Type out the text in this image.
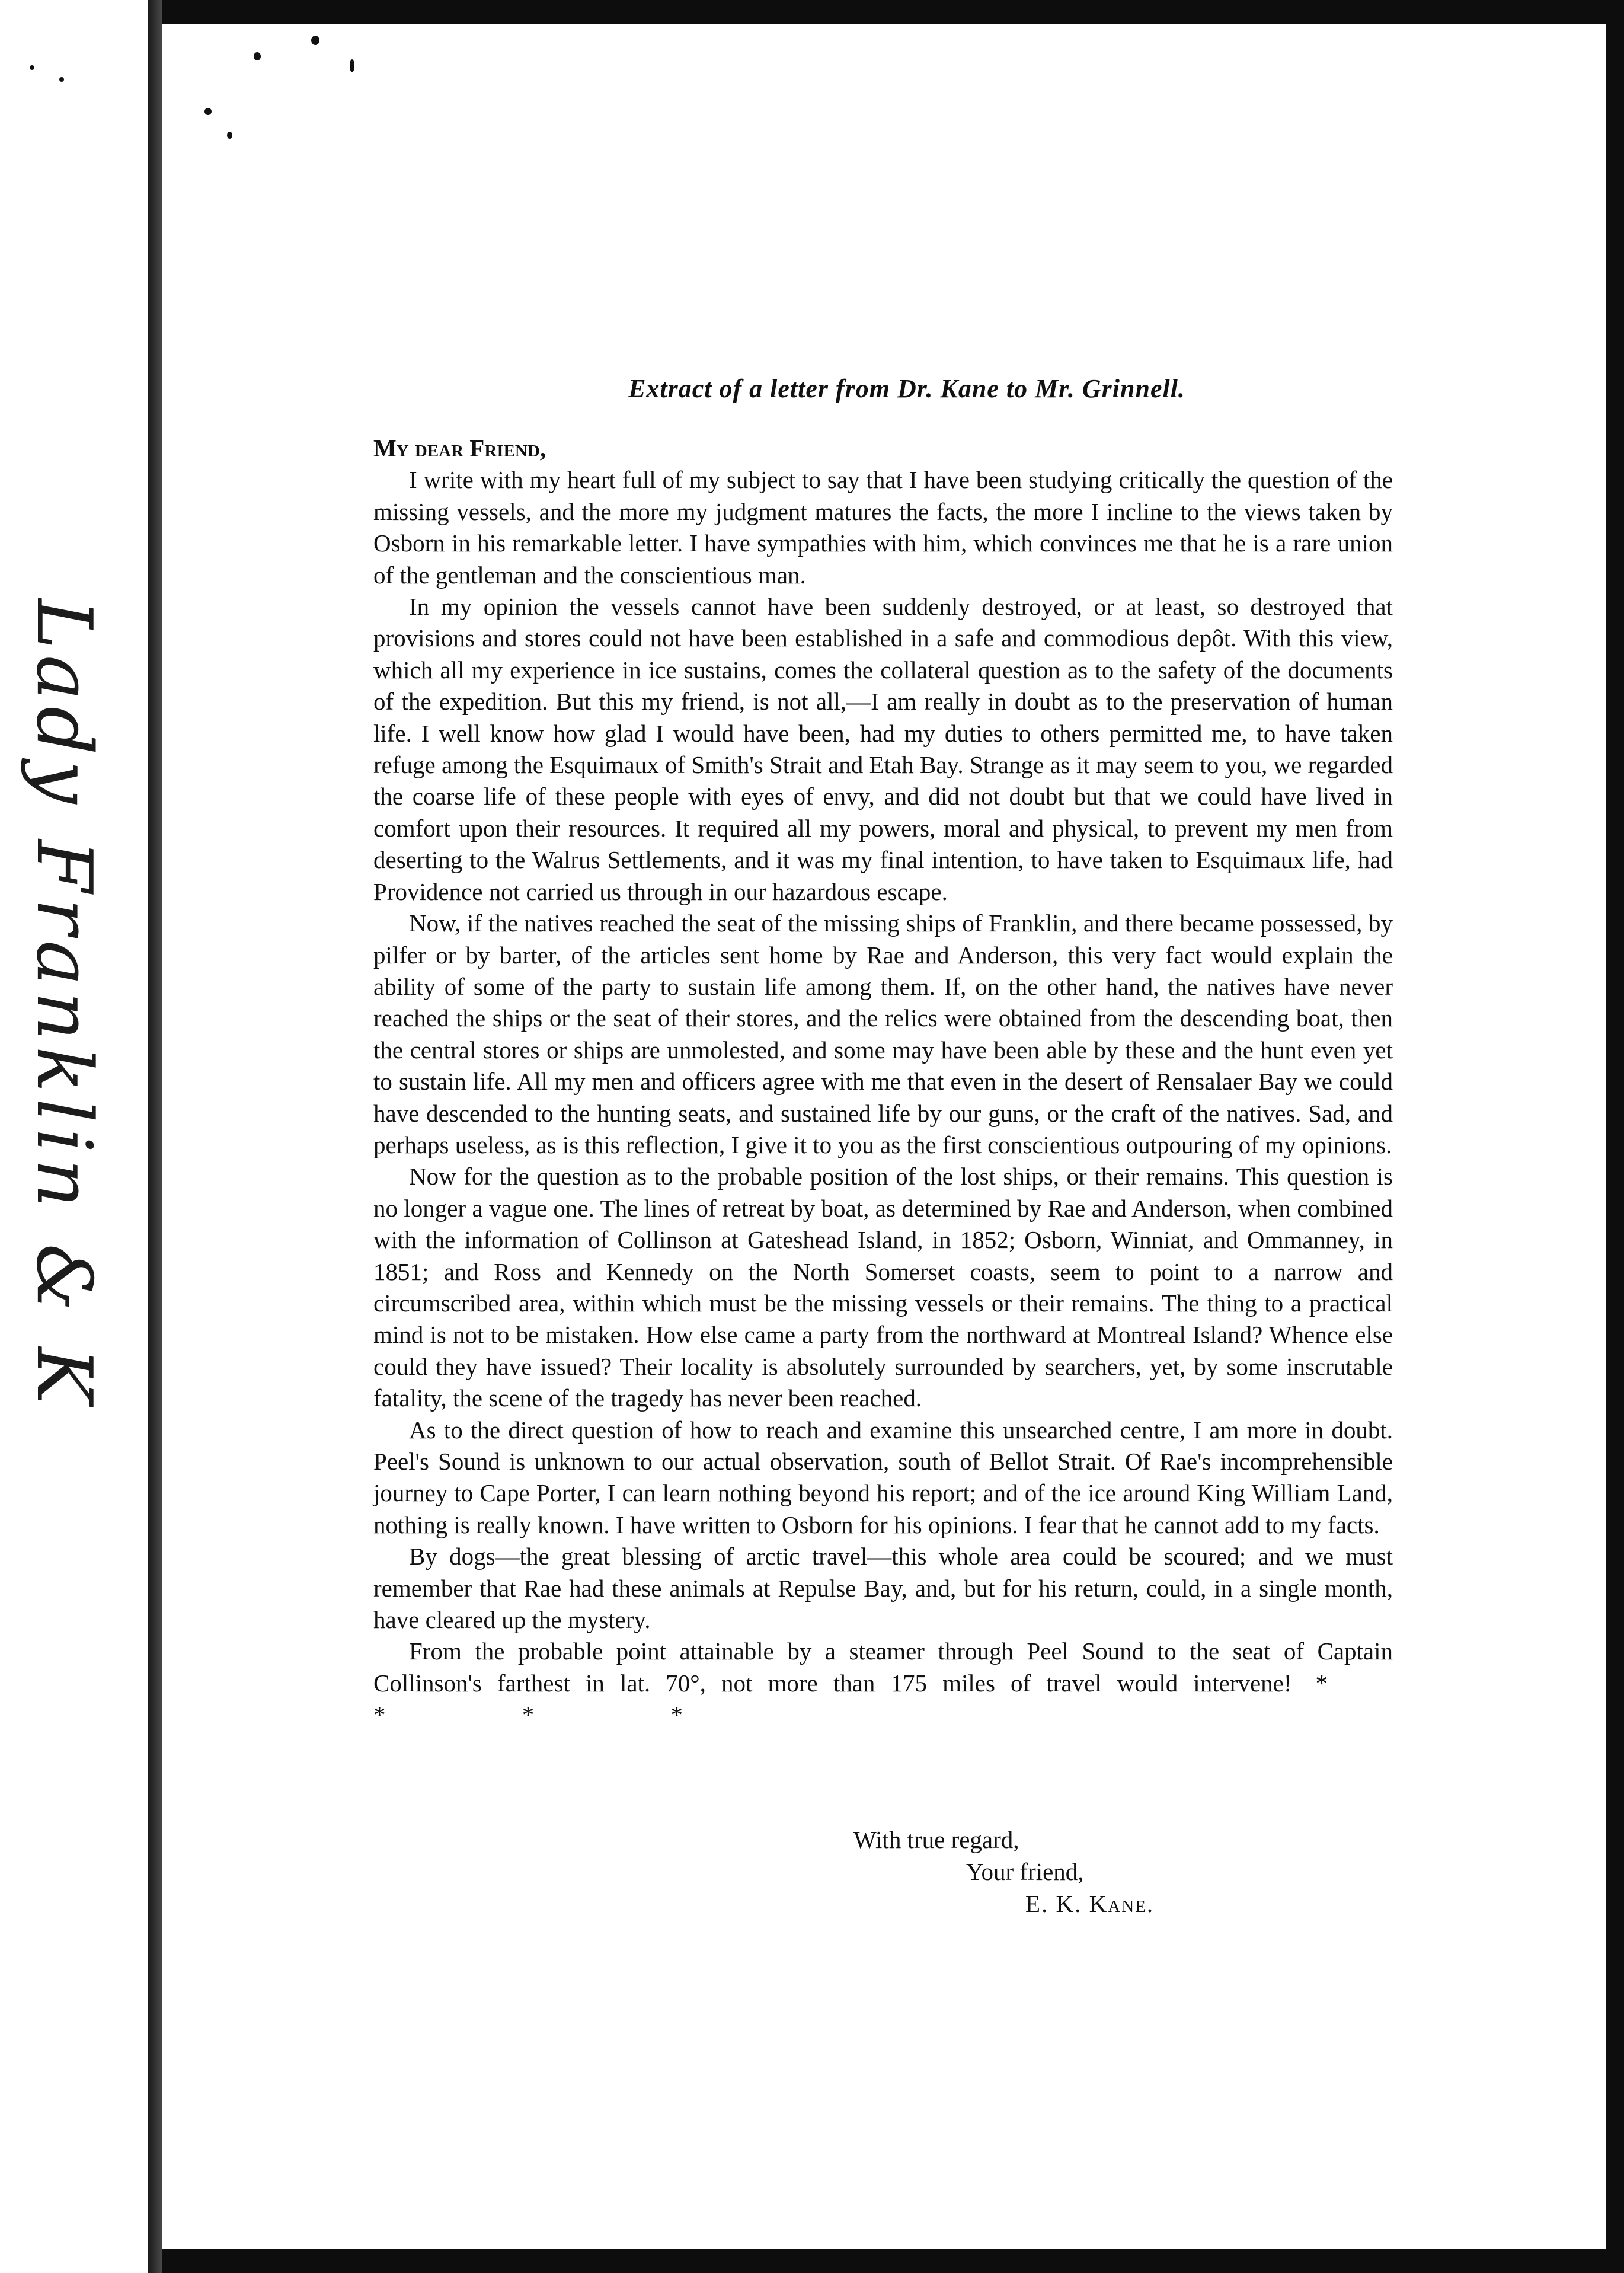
Lady Franklin & K
Extract of a letter from Dr. Kane to Mr. Grinnell.

My dear Friend,

I write with my heart full of my subject to say that I have been studying critically the question of the missing vessels, and the more my judgment matures the facts, the more I incline to the views taken by Osborn in his remarkable letter. I have sympathies with him, which convinces me that he is a rare union of the gentleman and the conscientious man.

In my opinion the vessels cannot have been suddenly destroyed, or at least, so destroyed that provisions and stores could not have been established in a safe and commodious depôt. With this view, which all my experience in ice sustains, comes the collateral question as to the safety of the documents of the expedition. But this my friend, is not all,—I am really in doubt as to the preservation of human life. I well know how glad I would have been, had my duties to others permitted me, to have taken refuge among the Esquimaux of Smith's Strait and Etah Bay. Strange as it may seem to you, we regarded the coarse life of these people with eyes of envy, and did not doubt but that we could have lived in comfort upon their resources. It required all my powers, moral and physical, to prevent my men from deserting to the Walrus Settlements, and it was my final intention, to have taken to Esquimaux life, had Providence not carried us through in our hazardous escape.

Now, if the natives reached the seat of the missing ships of Franklin, and there became possessed, by pilfer or by barter, of the articles sent home by Rae and Anderson, this very fact would explain the ability of some of the party to sustain life among them. If, on the other hand, the natives have never reached the ships or the seat of their stores, and the relics were obtained from the descending boat, then the central stores or ships are unmolested, and some may have been able by these and the hunt even yet to sustain life. All my men and officers agree with me that even in the desert of Rensalaer Bay we could have descended to the hunting seats, and sustained life by our guns, or the craft of the natives. Sad, and perhaps useless, as is this reflection, I give it to you as the first conscientious outpouring of my opinions.

Now for the question as to the probable position of the lost ships, or their remains. This question is no longer a vague one. The lines of retreat by boat, as determined by Rae and Anderson, when combined with the information of Collinson at Gateshead Island, in 1852; Osborn, Winniat, and Ommanney, in 1851; and Ross and Kennedy on the North Somerset coasts, seem to point to a narrow and circumscribed area, within which must be the missing vessels or their remains. The thing to a practical mind is not to be mistaken. How else came a party from the northward at Montreal Island? Whence else could they have issued? Their locality is absolutely surrounded by searchers, yet, by some inscrutable fatality, the scene of the tragedy has never been reached.

As to the direct question of how to reach and examine this unsearched centre, I am more in doubt. Peel's Sound is unknown to our actual observation, south of Bellot Strait. Of Rae's incomprehensible journey to Cape Porter, I can learn nothing beyond his report; and of the ice around King William Land, nothing is really known. I have written to Osborn for his opinions. I fear that he cannot add to my facts.

By dogs—the great blessing of arctic travel—this whole area could be scoured; and we must remember that Rae had these animals at Repulse Bay, and, but for his return, could, in a single month, have cleared up the mystery.

From the probable point attainable by a steamer through Peel Sound to the seat of Captain Collinson's farthest in lat. 70°, not more than 175 miles of travel would intervene! * * * *

With true regard,
Your friend,
E. K. Kane.
